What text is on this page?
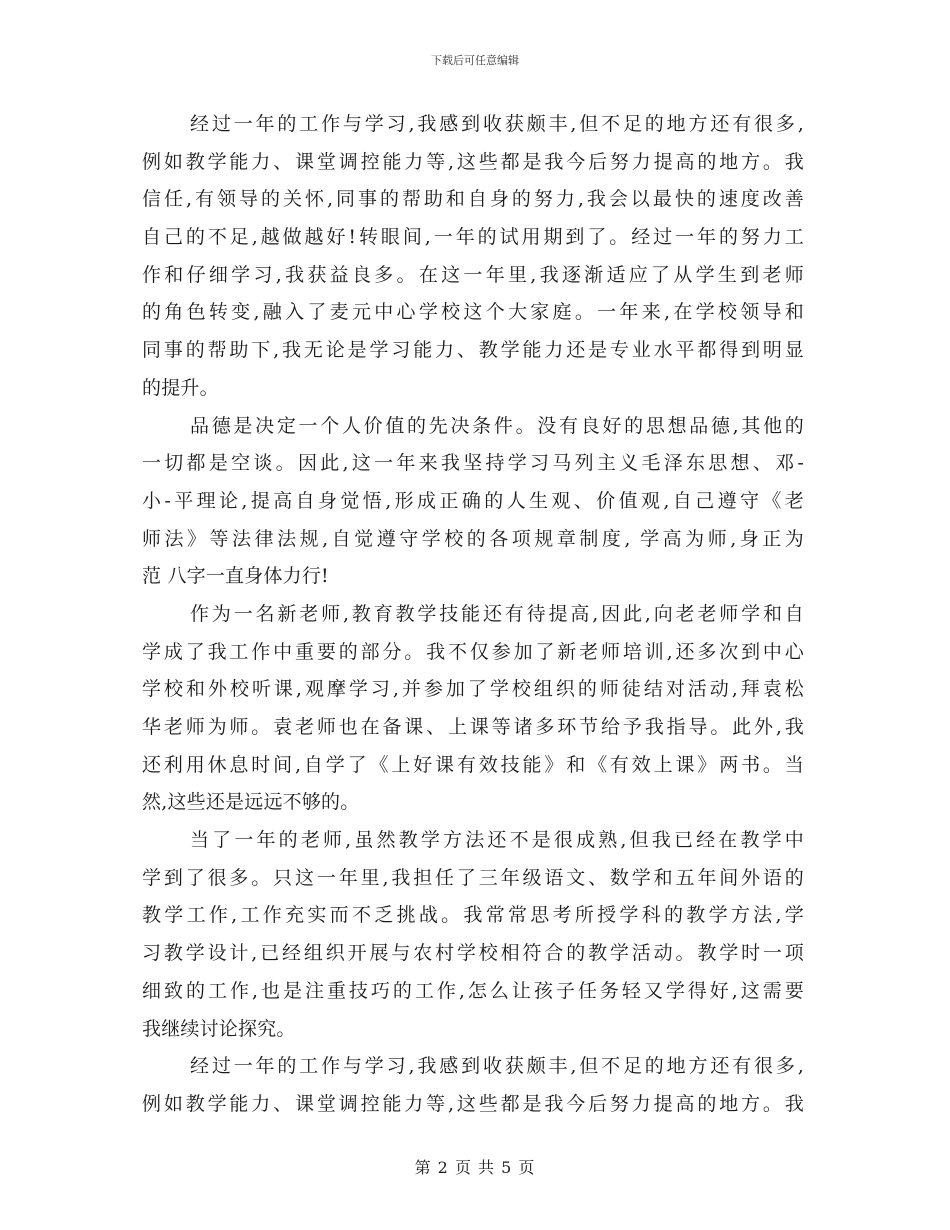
下载后可任意编辑
经过一年的工作与学习,我感到收获颇丰,但不足的地方还有很多,
例如教学能力、课堂调控能力等,这些都是我今后努力提高的地方。我
信任,有领导的关怀,同事的帮助和自身的努力,我会以最快的速度改善
自己的不足,越做越好!转眼间,一年的试用期到了。经过一年的努力工
作和仔细学习,我获益良多。在这一年里,我逐渐适应了从学生到老师
的角色转变,融入了麦元中心学校这个大家庭。一年来,在学校领导和
同事的帮助下,我无论是学习能力、教学能力还是专业水平都得到明显
的提升。
品德是决定一个人价值的先决条件。没有良好的思想品德,其他的
一切都是空谈。因此,这一年来我坚持学习马列主义毛泽东思想、邓-
小-平理论,提高自身觉悟,形成正确的人生观、价值观,自己遵守《老
师法》等法律法规,自觉遵守学校的各项规章制度, 学高为师,身正为
范 八字一直身体力行!
作为一名新老师,教育教学技能还有待提高,因此,向老老师学和自
学成了我工作中重要的部分。我不仅参加了新老师培训,还多次到中心
学校和外校听课,观摩学习,并参加了学校组织的师徒结对活动,拜袁松
华老师为师。袁老师也在备课、上课等诸多环节给予我指导。此外,我
还利用休息时间,自学了《上好课有效技能》和《有效上课》两书。当
然,这些还是远远不够的。
当了一年的老师,虽然教学方法还不是很成熟,但我已经在教学中
学到了很多。只这一年里,我担任了三年级语文、数学和五年间外语的
教学工作,工作充实而不乏挑战。我常常思考所授学科的教学方法,学
习教学设计,已经组织开展与农村学校相符合的教学活动。教学时一项
细致的工作,也是注重技巧的工作,怎么让孩子任务轻又学得好,这需要
我继续讨论探究。
经过一年的工作与学习,我感到收获颇丰,但不足的地方还有很多,
例如教学能力、课堂调控能力等,这些都是我今后努力提高的地方。我
第 2 页 共 5 页
